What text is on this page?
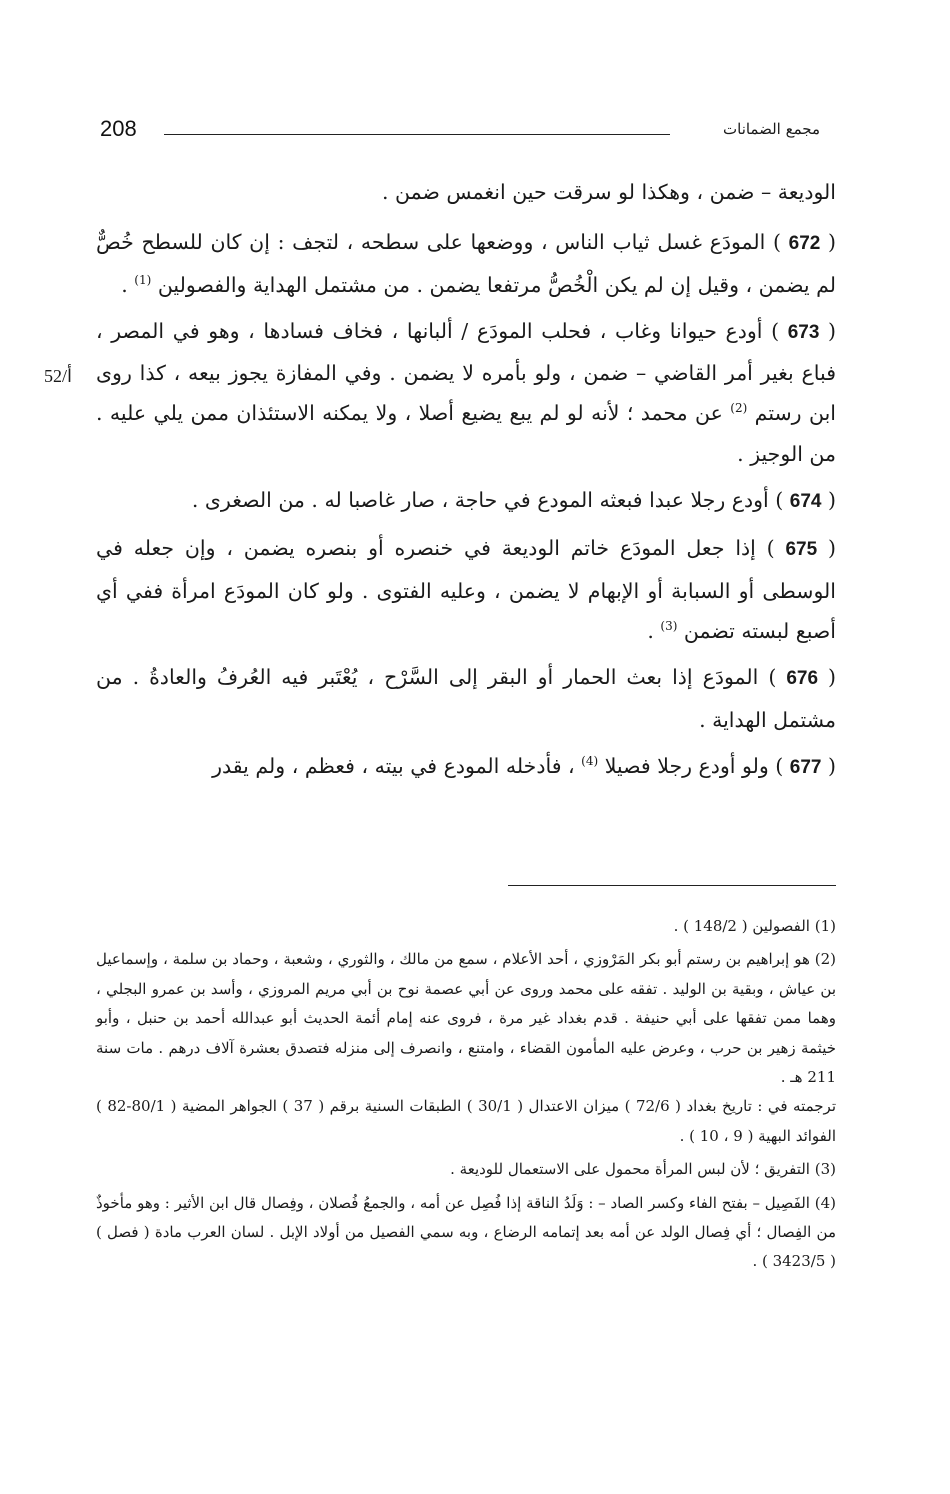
208	مجمع الضمانات
52/أ

الوديعة – ضمن ، وهكذا لو سرقت حين انغمس ضمن .

( 672 ) المودَع غسل ثياب الناس ، ووضعها على سطحه ، لتجف : إن كان للسطح خُصٌّ لم يضمن ، وقيل إن لم يكن الْخُصُّ مرتفعا يضمن . من مشتمل الهداية والفصولين $^{(1)}$ .

( 673 ) أودع حيوانا وغاب ، فحلب المودَع / ألبانها ، فخاف فسادها ، وهو في المصر ، فباع بغير أمر القاضي – ضمن ، ولو بأمره لا يضمن . وفي المفازة يجوز بيعه ، كذا روى ابن رستم $^{(2)}$ عن محمد ؛ لأنه لو لم يبع يضيع أصلا ، ولا يمكنه الاستئذان ممن يلي عليه . من الوجيز .

( 674 ) أودع رجلا عبدا فبعثه المودع في حاجة ، صار غاصبا له . من الصغرى .

( 675 ) إذا جعل المودَع خاتم الوديعة في خنصره أو بنصره يضمن ، وإن جعله في الوسطى أو السبابة أو الإبهام لا يضمن ، وعليه الفتوى . ولو كان المودَع امرأة ففي أي أصبع لبسته تضمن $^{(3)}$ .

( 676 ) المودَع إذا بعث الحمار أو البقر إلى السَّرْح ، يُعْتَبر فيه العُرفُ والعادةُ . من مشتمل الهداية .

( 677 ) ولو أودع رجلا فصيلا $^{(4)}$ ، فأدخله المودع في بيته ، فعظم ، ولم يقدر

(1) الفصولين ( 148/2 ) .

(2) هو إبراهيم بن رستم أبو بكر المَرْوزي ، أحد الأعلام ، سمع من مالك ، والثوري ، وشعبة ، وحماد بن سلمة ، وإسماعيل بن عياش ، وبقية بن الوليد . تفقه على محمد وروى عن أبي عصمة نوح بن أبي مريم المروزي ، وأسد بن عمرو البجلي ، وهما ممن تفقها على أبي حنيفة . قدم بغداد غير مرة ، فروى عنه إمام أئمة الحديث أبو عبدالله أحمد بن حنبل ، وأبو خيثمة زهير بن حرب ، وعرض عليه المأمون القضاء ، وامتنع ، وانصرف إلى منزله فتصدق بعشرة آلاف درهم . مات سنة 211 هـ .

ترجمته في : تاريخ بغداد ( 72/6 ) ميزان الاعتدال ( 30/1 ) الطبقات السنية برقم ( 37 ) الجواهر المضية ( 80/1-82 ) الفوائد البهية ( 9 ، 10 ) .

(3) التفريق ؛ لأن لبس المرأة محمول على الاستعمال للوديعة .

(4) الفَصِيل – بفتح الفاء وكسر الصاد – : وَلَدُ الناقة إذا فُصِل عن أمه ، والجمعُ فُصلان ، وفِصال قال ابن الأثير : وهو مأخوذٌ من الفِصال ؛ أي فِصال الولد عن أمه بعد إتمامه الرضاع ، وبه سمي الفصيل من أولاد الإبل . لسان العرب مادة ( فصل ) ( 3423/5 ) .
